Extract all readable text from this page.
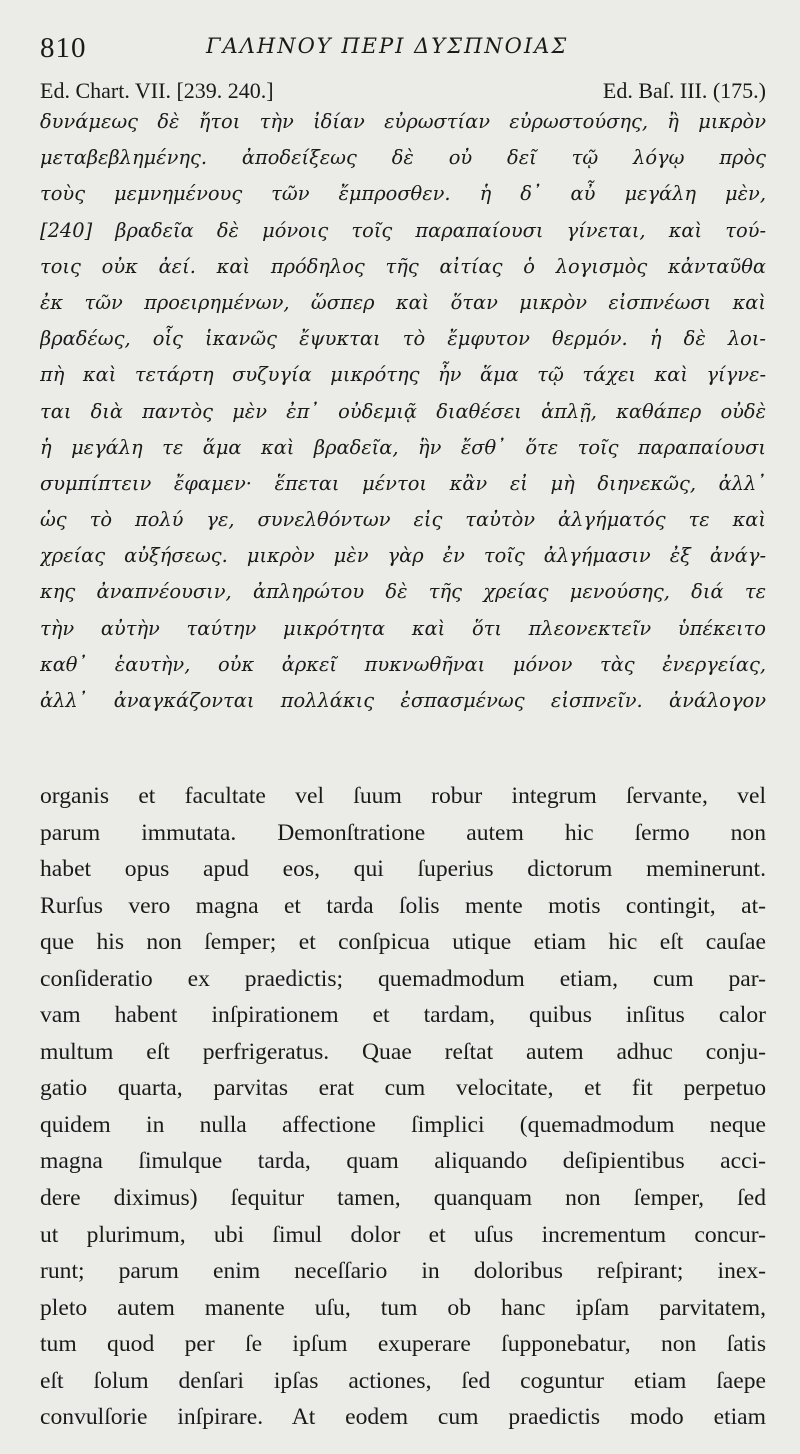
810	ΓΑΛΗΝΟΥ ΠΕΡΙ ΔΥΣΠΝΟΙΑΣ
Ed. Chart. VII. [239. 240.]	Ed. Baſ. III. (175.)
δυνάμεως δὲ ἤτοι τὴν ἰδίαν εὐρωστίαν εὐρωστούσης, ἢ μικρὸν
μεταβεβλημένης. ἀποδείξεως δὲ οὐ δεῖ τῷ λόγῳ πρὸς
τοὺς μεμνημένους τῶν ἔμπροσθεν. ἡ δ᾽ αὖ μεγάλη μὲν,
[240] βραδεῖα δὲ μόνοις τοῖς παραπαίουσι γίνεται, καὶ τού-
τοις οὐκ ἀεί. καὶ πρόδηλος τῆς αἰτίας ὁ λογισμὸς κἀνταῦθα
ἐκ τῶν προειρημένων, ὥσπερ καὶ ὅταν μικρὸν εἰσπνέωσι καὶ
βραδέως, οἷς ἱκανῶς ἔψυκται τὸ ἔμφυτον θερμόν. ἡ δὲ λοι-
πὴ καὶ τετάρτη συζυγία μικρότης ἦν ἅμα τῷ τάχει καὶ γίγνε-
ται διὰ παντὸς μὲν ἐπ᾽ οὐδεμιᾷ διαθέσει ἁπλῇ, καθάπερ οὐδὲ
ἡ μεγάλη τε ἅμα καὶ βραδεῖα, ἣν ἔσθ᾽ ὅτε τοῖς παραπαίουσι
συμπίπτειν ἔφαμεν· ἕπεται μέντοι κἂν εἰ μὴ διηνεκῶς, ἀλλ᾽
ὡς τὸ πολύ γε, συνελθόντων εἰς ταὐτὸν ἀλγήματός τε καὶ
χρείας αὐξήσεως. μικρὸν μὲν γὰρ ἐν τοῖς ἀλγήμασιν ἐξ ἀνάγ-
κης ἀναπνέουσιν, ἀπληρώτου δὲ τῆς χρείας μενούσης, διά τε
τὴν αὐτὴν ταύτην μικρότητα καὶ ὅτι πλεονεκτεῖν ὑπέκειτο
καθ᾽ ἑαυτὴν, οὐκ ἀρκεῖ πυκνωθῆναι μόνον τὰς ἐνεργείας,
ἀλλ᾽ ἀναγκάζονται πολλάκις ἐσπασμένως εἰσπνεῖν. ἀνάλογον
organis et facultate vel ſuum robur integrum ſervante, vel
parum immutata. Demonſtratione autem hic ſermo non
habet opus apud eos, qui ſuperius dictorum meminerunt.
Rurſus vero magna et tarda ſolis mente motis contingit, at-
que his non ſemper; et conſpicua utique etiam hic eſt cauſae
conſideratio ex praedictis; quemadmodum etiam, cum par-
vam habent inſpirationem et tardam, quibus inſitus calor
multum eſt perfrigeratus. Quae reſtat autem adhuc conju-
gatio quarta, parvitas erat cum velocitate, et fit perpetuo
quidem in nulla affectione ſimplici (quemadmodum neque
magna ſimulque tarda, quam aliquando deſipientibus acci-
dere diximus) ſequitur tamen, quanquam non ſemper, ſed
ut plurimum, ubi ſimul dolor et uſus incrementum concur-
runt; parum enim neceſſario in doloribus reſpirant; inex-
pleto autem manente uſu, tum ob hanc ipſam parvitatem,
tum quod per ſe ipſum exuperare ſupponebatur, non ſatis
eſt ſolum denſari ipſas actiones, ſed coguntur etiam ſaepe
convulſorie inſpirare. At eodem cum praedictis modo etiam
